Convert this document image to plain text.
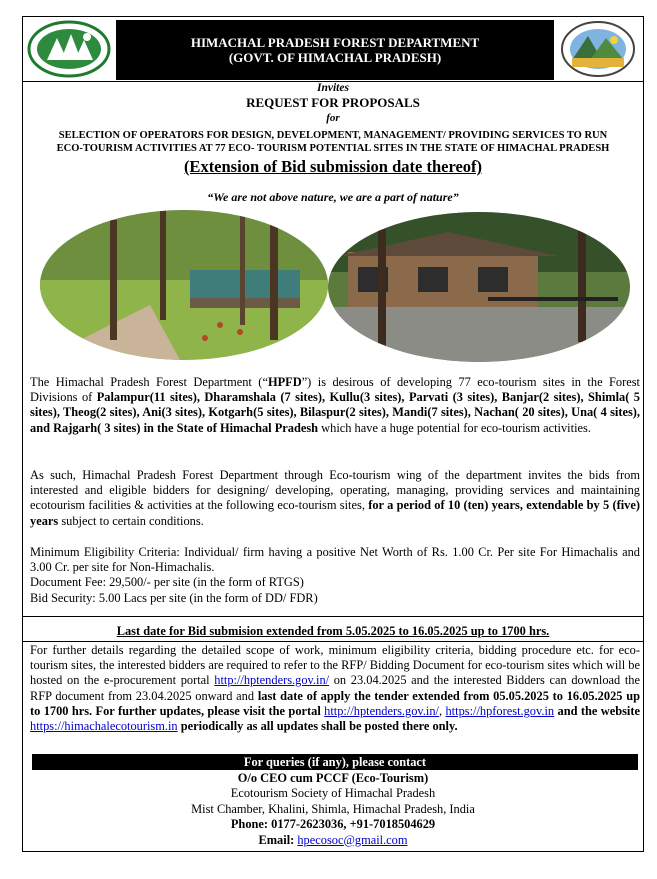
HIMACHAL PRADESH FOREST DEPARTMENT
(GOVT. OF HIMACHAL PRADESH)
Invites
REQUEST FOR PROPOSALS
for
SELECTION OF OPERATORS FOR DESIGN, DEVELOPMENT, MANAGEMENT/ PROVIDING SERVICES TO RUN
ECO-TOURISM ACTIVITIES AT 77 ECO- TOURISM POTENTIAL SITES IN THE STATE OF HIMACHAL PRADESH
(Extension of Bid submission date thereof)
“We are not above nature, we are a part of nature”
The Himachal Pradesh Forest Department (“HPFD”) is desirous of developing 77 eco-tourism sites in the Forest Divisions of Palampur(11 sites), Dharamshala (7 sites), Kullu(3 sites), Parvati (3 sites), Banjar(2 sites), Shimla( 5 sites), Theog(2 sites), Ani(3 sites), Kotgarh(5 sites), Bilaspur(2 sites), Mandi(7 sites), Nachan( 20 sites), Una( 4 sites), and Rajgarh( 3 sites) in the State of Himachal Pradesh which have a huge potential for eco-tourism activities.
As such, Himachal Pradesh Forest Department through Eco-tourism wing of the department invites the bids from interested and eligible bidders for designing/ developing, operating, managing, providing services and maintaining ecotourism facilities & activities at the following eco-tourism sites, for a period of 10 (ten) years, extendable by 5 (five) years subject to certain conditions.
Minimum Eligibility Criteria: Individual/ firm having a positive Net Worth of Rs. 1.00 Cr. Per site For Himachalis and 3.00 Cr. per site for Non-Himachalis.
Document Fee: 29,500/- per site (in the form of RTGS)
Bid Security: 5.00 Lacs per site (in the form of DD/ FDR)
Last date for Bid submision extended from 5.05.2025 to 16.05.2025 up to 1700 hrs.
For further details regarding the detailed scope of work, minimum eligibility criteria, bidding procedure etc. for eco-tourism sites, the interested bidders are required to refer to the RFP/ Bidding Document for eco-tourism sites which will be hosted on the e-procurement portal http://hptenders.gov.in/ on 23.04.2025 and the interested Bidders can download the RFP document from 23.04.2025 onward and last date of apply the tender extended from 05.05.2025 to 16.05.2025 up to 1700 hrs. For further updates, please visit the portal http://hptenders.gov.in/, https://hpforest.gov.in and the website https://himachalecotourism.in periodically as all updates shall be posted there only.
For queries (if any), please contact
O/o CEO cum PCCF (Eco-Tourism)
Ecotourism Society of Himachal Pradesh
Mist Chamber, Khalini, Shimla, Himachal Pradesh, India
Phone: 0177-2623036, +91-7018504629
Email: hpecosoc@gmail.com
